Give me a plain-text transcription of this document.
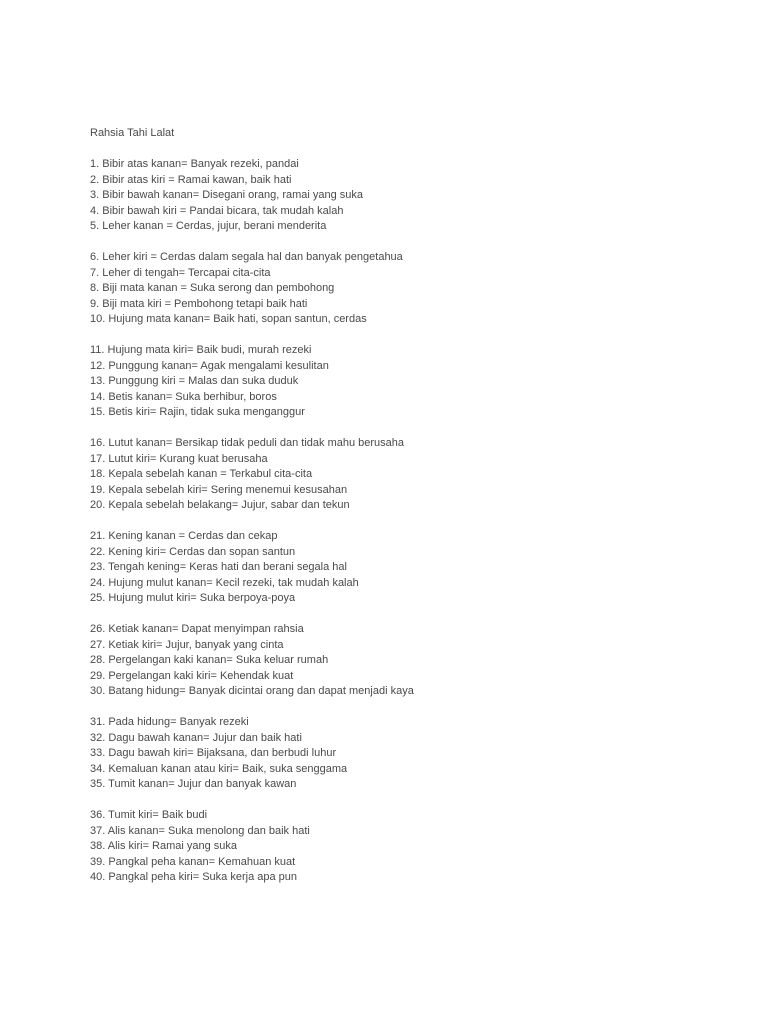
Rahsia Tahi Lalat
1. Bibir atas kanan= Banyak rezeki, pandai
2. Bibir atas kiri = Ramai kawan, baik hati
3. Bibir bawah kanan= Disegani orang, ramai yang suka
4. Bibir bawah kiri = Pandai bicara, tak mudah kalah
5. Leher kanan = Cerdas, jujur, berani menderita
6. Leher kiri = Cerdas dalam segala hal dan banyak pengetahua
7. Leher di tengah= Tercapai cita-cita
8. Biji mata kanan = Suka serong dan pembohong
9. Biji mata kiri = Pembohong tetapi baik hati
10. Hujung mata kanan= Baik hati, sopan santun, cerdas
11. Hujung mata kiri= Baik budi, murah rezeki
12. Punggung kanan= Agak mengalami kesulitan
13. Punggung kiri = Malas dan suka duduk
14. Betis kanan= Suka berhibur, boros
15. Betis kiri= Rajin, tidak suka menganggur
16. Lutut kanan= Bersikap tidak peduli dan tidak mahu berusaha
17. Lutut kiri= Kurang kuat berusaha
18. Kepala sebelah kanan = Terkabul cita-cita
19. Kepala sebelah kiri= Sering menemui kesusahan
20. Kepala sebelah belakang= Jujur, sabar dan tekun
21. Kening kanan = Cerdas dan cekap
22. Kening kiri= Cerdas dan sopan santun
23. Tengah kening= Keras hati dan berani segala hal
24. Hujung mulut kanan= Kecil rezeki, tak mudah kalah
25. Hujung mulut kiri= Suka berpoya-poya
26. Ketiak kanan= Dapat menyimpan rahsia
27. Ketiak kiri= Jujur, banyak yang cinta
28. Pergelangan kaki kanan= Suka keluar rumah
29. Pergelangan kaki kiri= Kehendak kuat
30. Batang hidung= Banyak dicintai orang dan dapat menjadi kaya
31. Pada hidung= Banyak rezeki
32. Dagu bawah kanan= Jujur dan baik hati
33. Dagu bawah kiri= Bijaksana, dan berbudi luhur
34. Kemaluan kanan atau kiri= Baik, suka senggama
35. Tumit kanan= Jujur dan banyak kawan
36. Tumit kiri= Baik budi
37. Alis kanan= Suka menolong dan baik hati
38. Alis kiri= Ramai yang suka
39. Pangkal peha kanan= Kemahuan kuat
40. Pangkal peha kiri= Suka kerja apa pun
